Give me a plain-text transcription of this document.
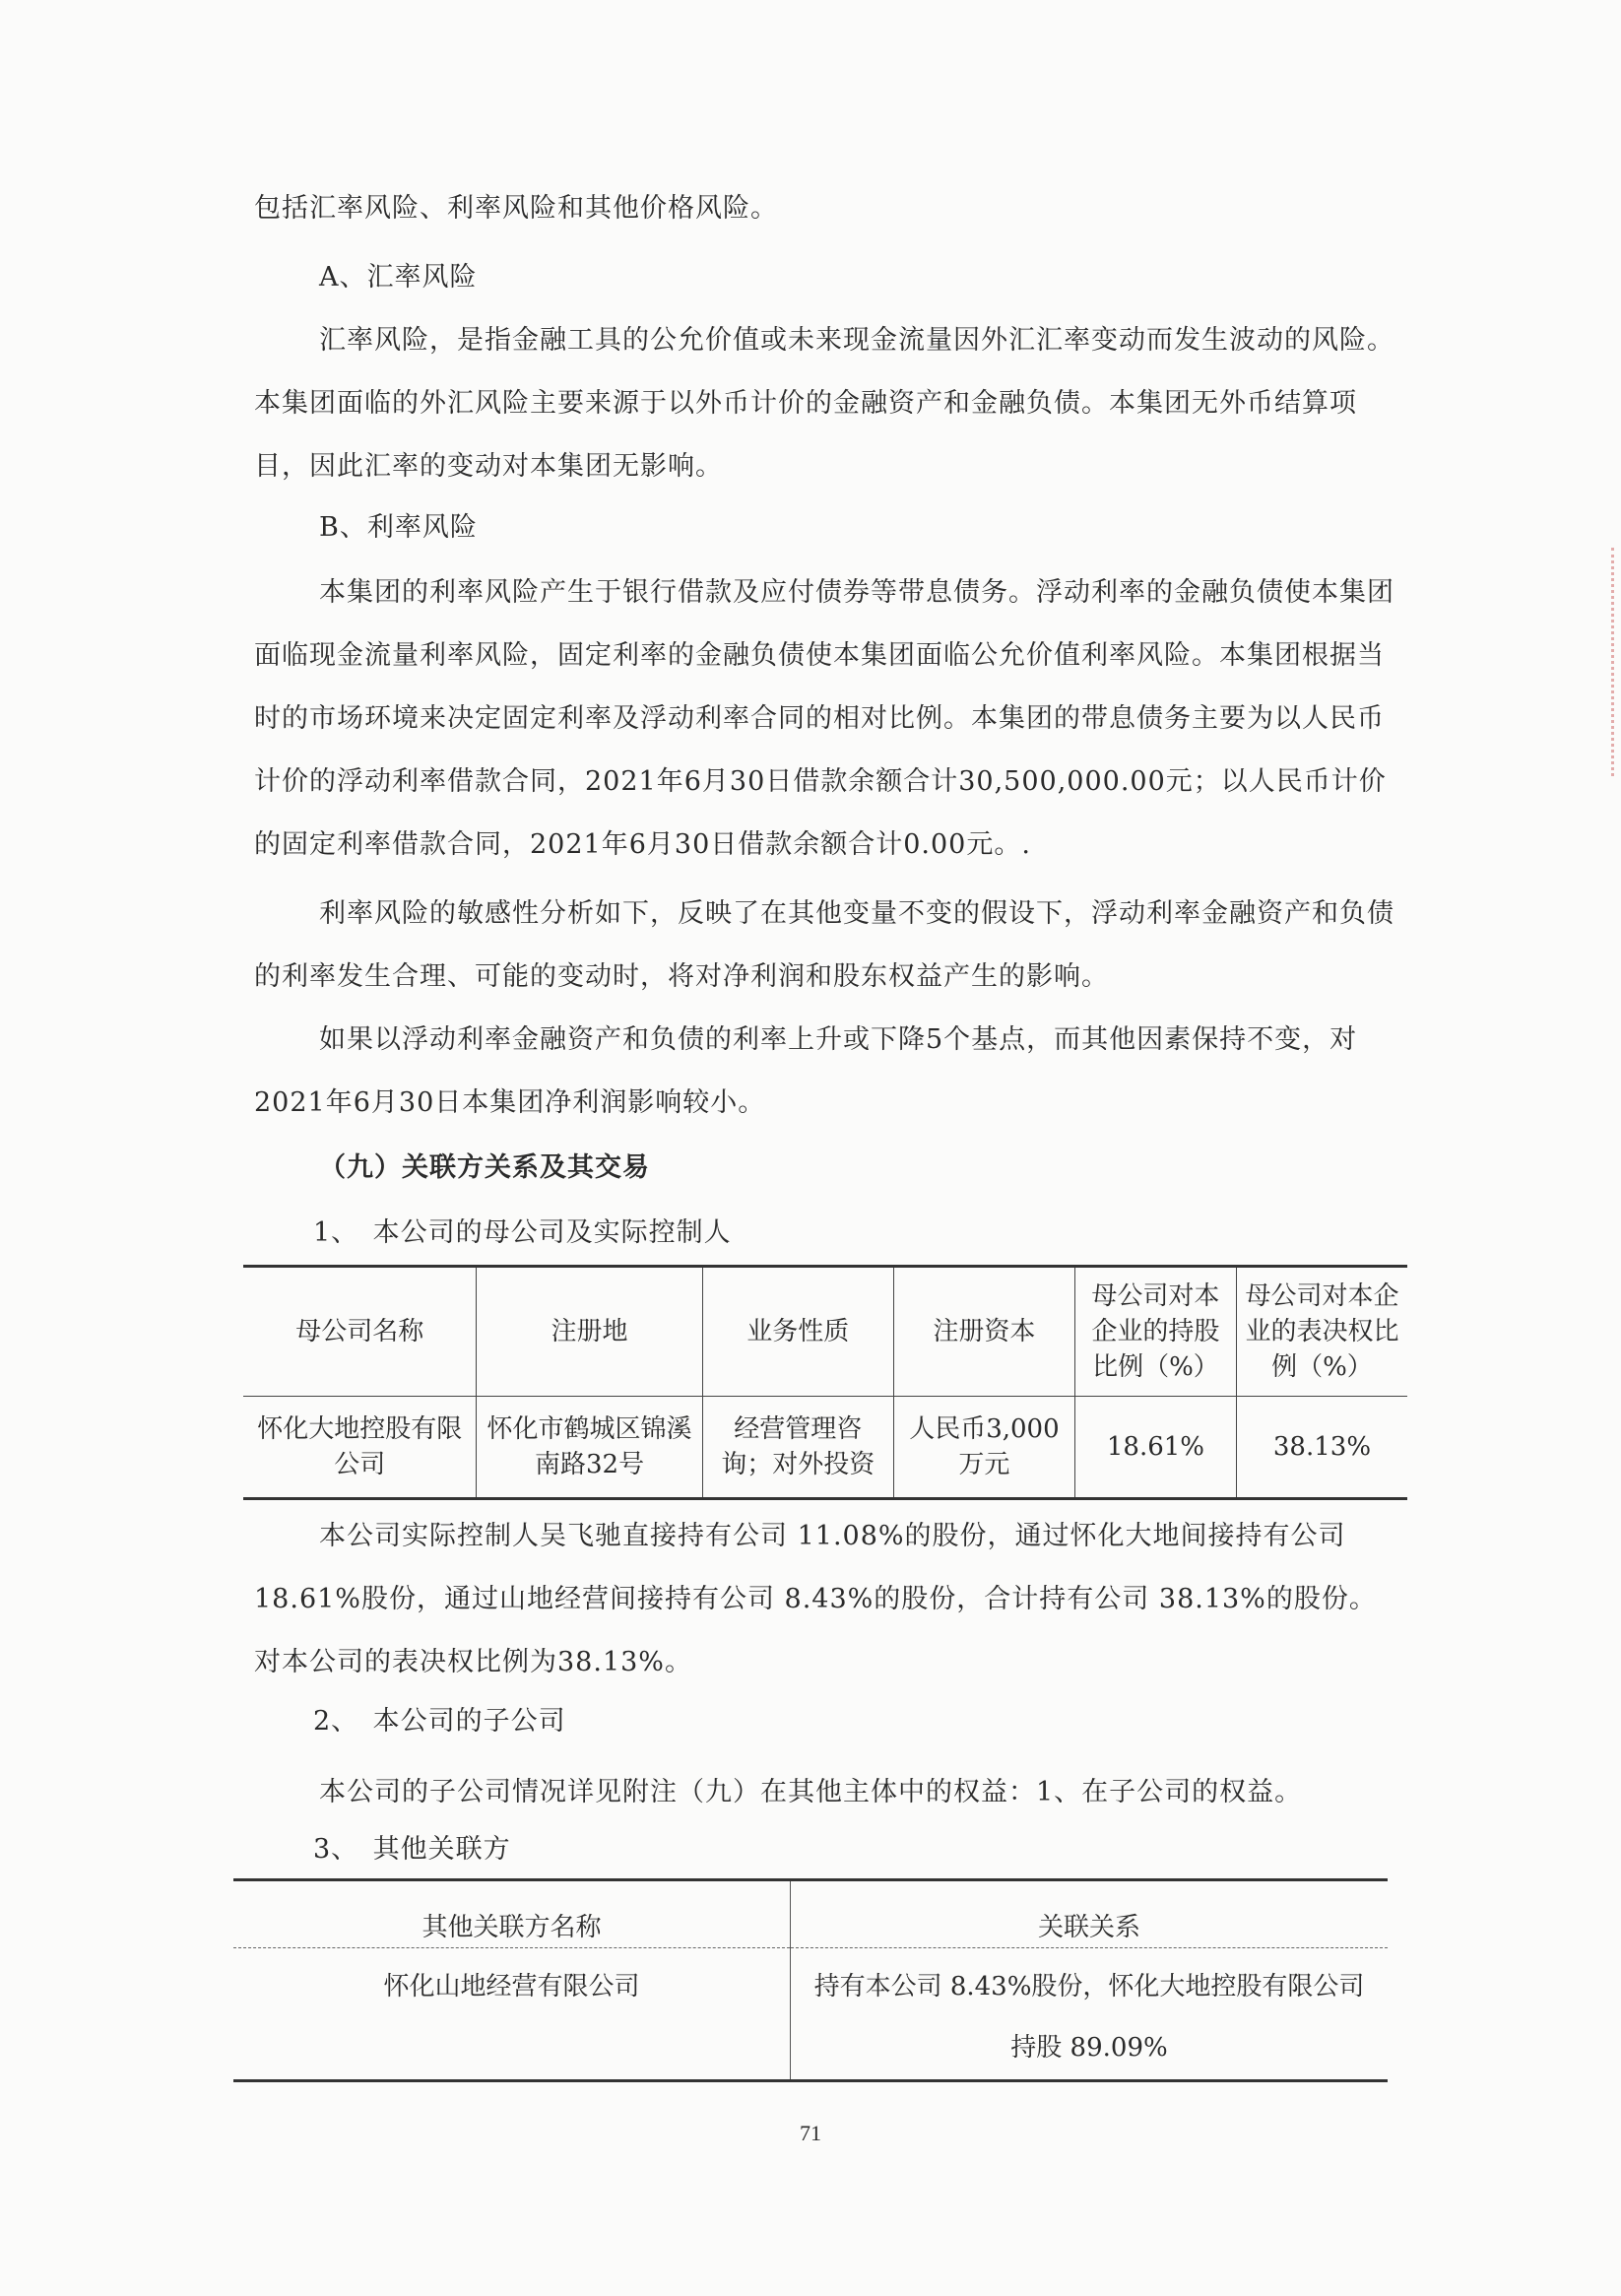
包括汇率风险、利率风险和其他价格风险。

A、汇率风险

汇率风险，是指金融工具的公允价值或未来现金流量因外汇汇率变动而发生波动的风险。本集团面临的外汇风险主要来源于以外币计价的金融资产和金融负债。本集团无外币结算项目，因此汇率的变动对本集团无影响。

B、利率风险

本集团的利率风险产生于银行借款及应付债券等带息债务。浮动利率的金融负债使本集团面临现金流量利率风险，固定利率的金融负债使本集团面临公允价值利率风险。本集团根据当时的市场环境来决定固定利率及浮动利率合同的相对比例。本集团的带息债务主要为以人民币计价的浮动利率借款合同，2021年6月30日借款余额合计30,500,000.00元；以人民币计价的固定利率借款合同，2021年6月30日借款余额合计0.00元。.

利率风险的敏感性分析如下，反映了在其他变量不变的假设下，浮动利率金融资产和负债的利率发生合理、可能的变动时，将对净利润和股东权益产生的影响。

如果以浮动利率金融资产和负债的利率上升或下降5个基点，而其他因素保持不变，对2021年6月30日本集团净利润影响较小。

（九）关联方关系及其交易

1、　本公司的母公司及实际控制人

母公司名称	注册地	业务性质	注册资本	母公司对本企业的持股比例（%）	母公司对本企业的表决权比例（%）
怀化大地控股有限公司	怀化市鹤城区锦溪南路32号	经营管理咨询；对外投资	人民币3,000万元	18.61%	38.13%

本公司实际控制人吴飞驰直接持有公司 11.08%的股份，通过怀化大地间接持有公司18.61%股份，通过山地经营间接持有公司 8.43%的股份，合计持有公司 38.13%的股份。对本公司的表决权比例为38.13%。

2、　本公司的子公司

本公司的子公司情况详见附注（九）在其他主体中的权益：1、在子公司的权益。

3、　其他关联方

其他关联方名称	关联关系
怀化山地经营有限公司	持有本公司 8.43%股份，怀化大地控股有限公司持股 89.09%
71
